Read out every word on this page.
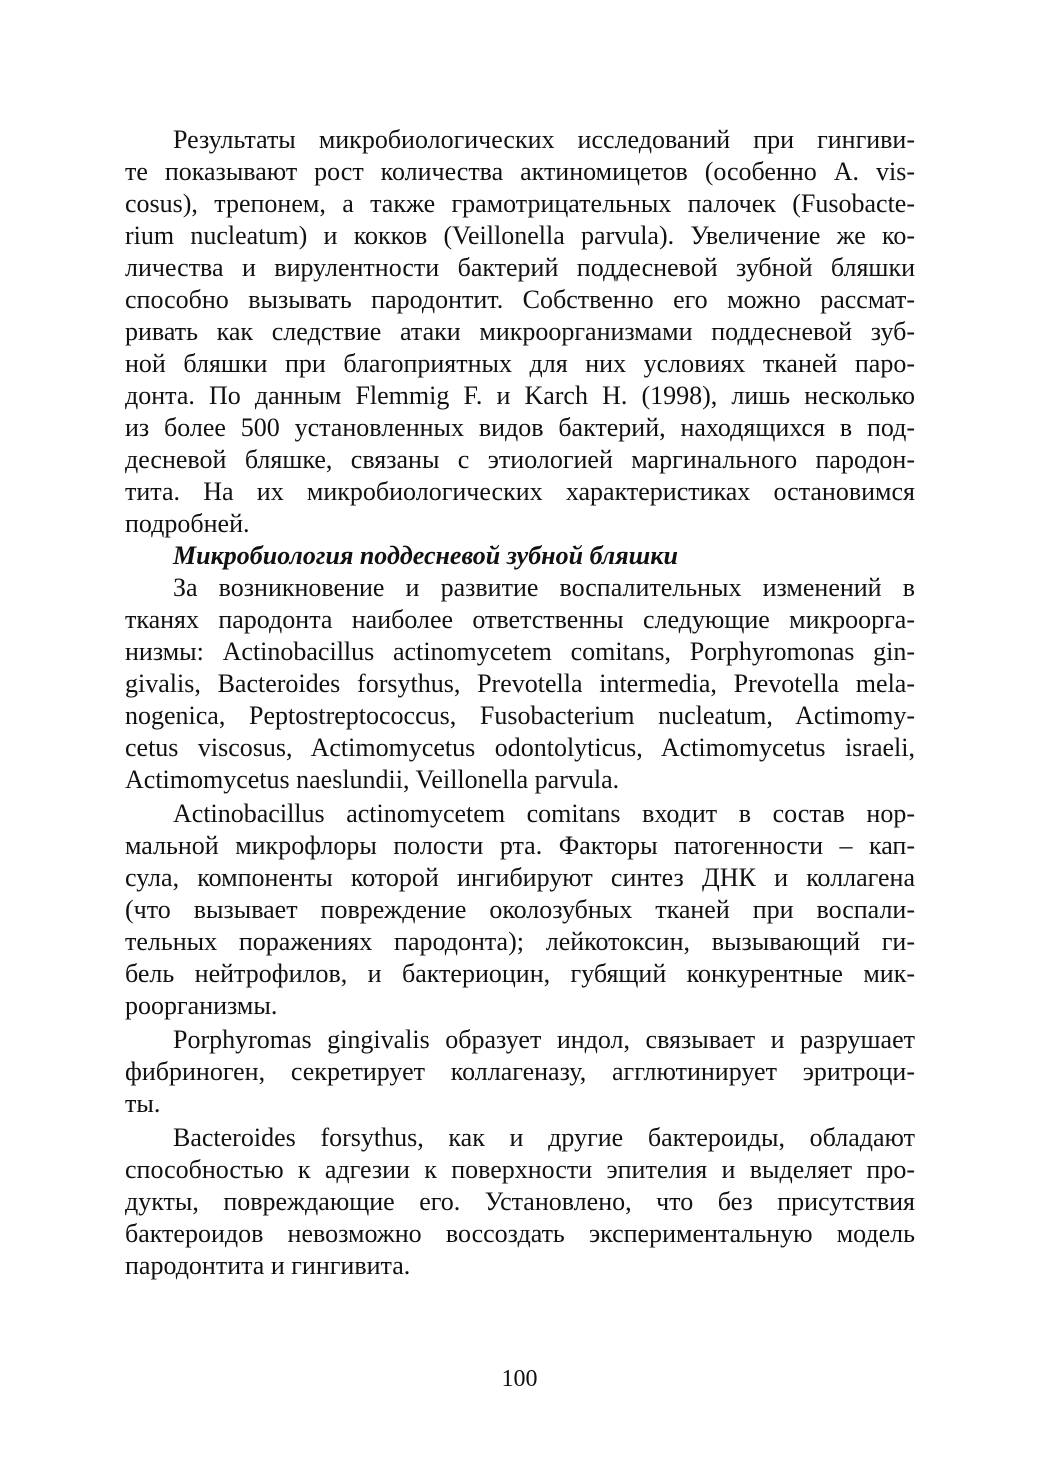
Результаты микробиологических исследований при гингиви-
те показывают рост количества актиномицетов (особенно A. vis-
cosus), трепонем, а также грамотрицательных палочек (Fusobacte-
rium nucleatum) и кокков (Veillonella parvula). Увеличение же ко-
личества и вирулентности бактерий поддесневой зубной бляшки
способно вызывать пародонтит. Собственно его можно рассмат-
ривать как следствие атаки микроорганизмами поддесневой зуб-
ной бляшки при благоприятных для них условиях тканей паро-
донта. По данным Flemmig F. и Karch H. (1998), лишь несколько
из более 500 установленных видов бактерий, находящихся в под-
десневой бляшке, связаны с этиологией маргинального пародон-
тита. На их микробиологических характеристиках остановимся
подробней.
Микробиология поддесневой зубной бляшки
За возникновение и развитие воспалительных изменений в
тканях пародонта наиболее ответственны следующие микроорга-
низмы: Actinobacillus actinomycetem comitans, Porphyromonas gin-
givalis, Bacteroides forsythus, Prevotella intermedia, Prevotella mela-
nogenica, Peptostreptococcus, Fusobacterium nucleatum, Actimomy-
cetus viscosus, Actimomycetus odontolyticus, Actimomycetus israeli,
Actimomycetus naeslundii, Veillonella parvula.
Actinobacillus actinomycetem comitans входит в состав нор-
мальной микрофлоры полости рта. Факторы патогенности – кап-
сула, компоненты которой ингибируют синтез ДНК и коллагена
(что вызывает повреждение околозубных тканей при воспали-
тельных поражениях пародонта); лейкотоксин, вызывающий ги-
бель нейтрофилов, и бактериоцин, губящий конкурентные мик-
роорганизмы.
Porphyromas gingivalis образует индол, связывает и разрушает
фибриноген, секретирует коллагеназу, агглютинирует эритроци-
ты.
Bacteroides forsythus, как и другие бактероиды, обладают
способностью к адгезии к поверхности эпителия и выделяет про-
дукты, повреждающие его. Установлено, что без присутствия
бактероидов невозможно воссоздать экспериментальную модель
пародонтита и гингивита.
100
